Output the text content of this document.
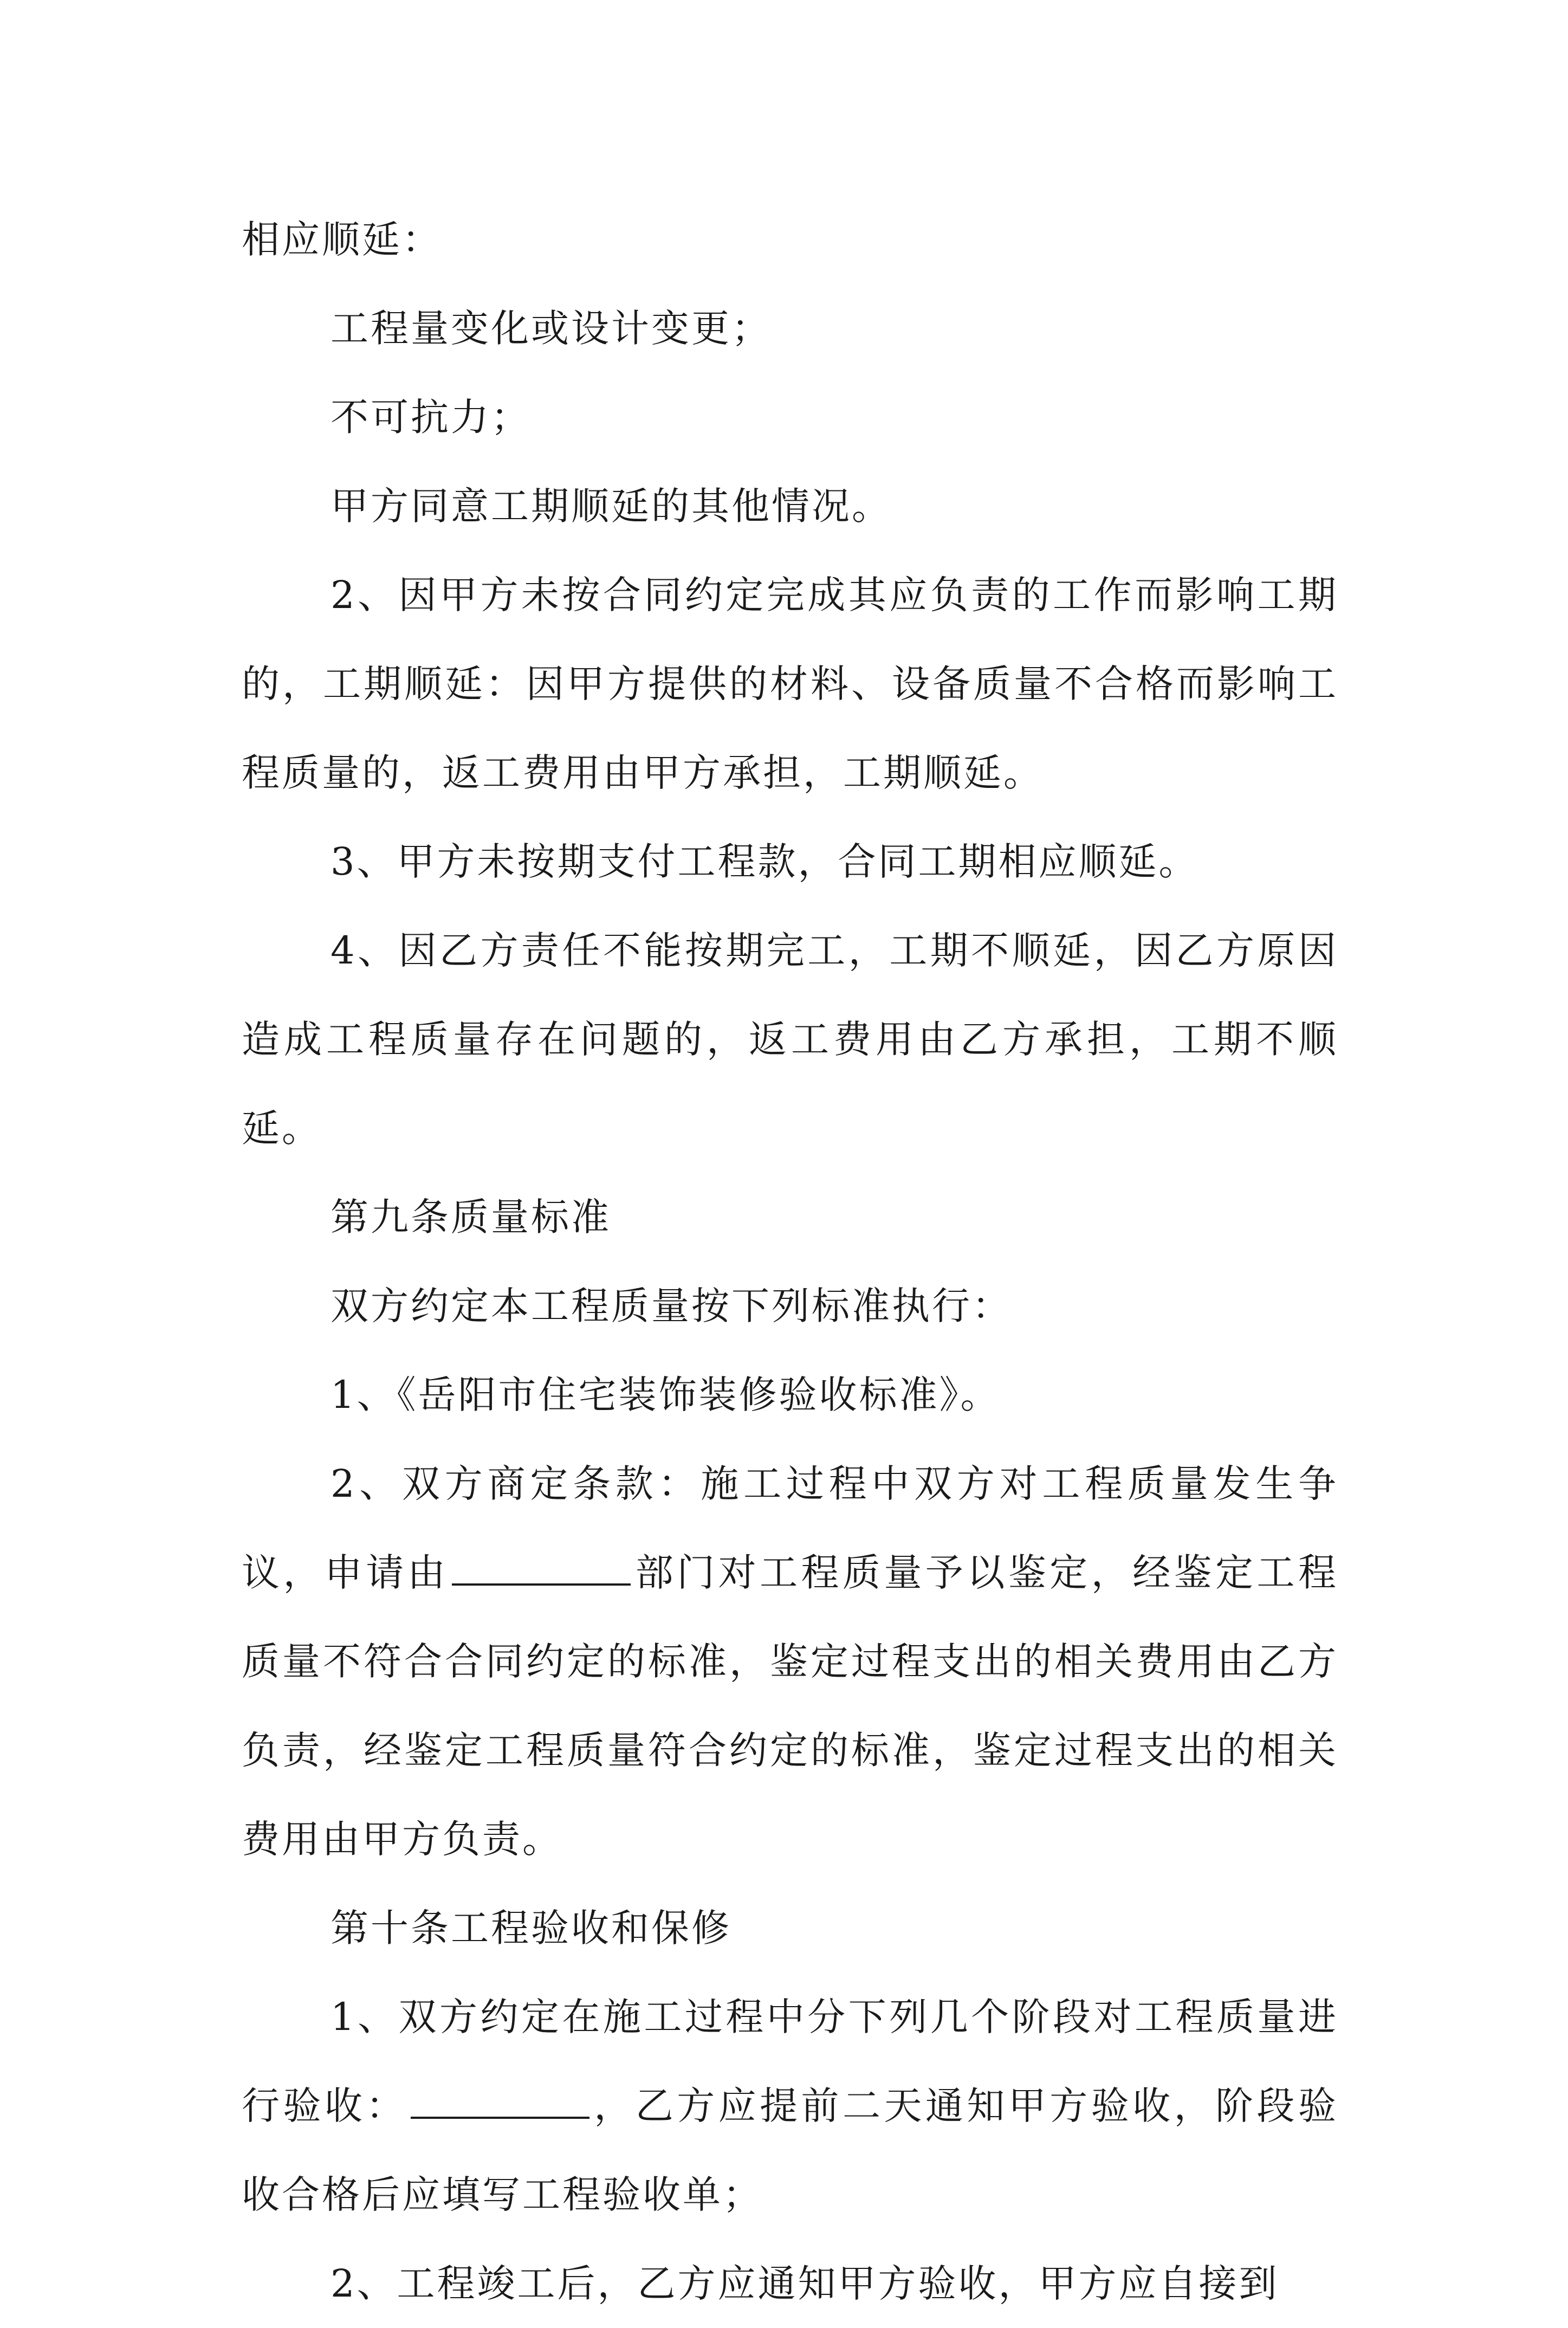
相应顺延：

工程量变化或设计变更；

不可抗力；

甲方同意工期顺延的其他情况。

2、因甲方未按合同约定完成其应负责的工作而影响工期的，工期顺延：因甲方提供的材料、设备质量不合格而影响工程质量的，返工费用由甲方承担，工期顺延。

3、甲方未按期支付工程款，合同工期相应顺延。

4、因乙方责任不能按期完工，工期不顺延，因乙方原因造成工程质量存在问题的，返工费用由乙方承担，工期不顺延。

第九条质量标准

双方约定本工程质量按下列标准执行：

1、《岳阳市住宅装饰装修验收标准》。

2、双方商定条款：施工过程中双方对工程质量发生争议，申请由	部门对工程质量予以鉴定，经鉴定工程质量不符合合同约定的标准，鉴定过程支出的相关费用由乙方负责，经鉴定工程质量符合约定的标准，鉴定过程支出的相关费用由甲方负责。

第十条工程验收和保修

1、双方约定在施工过程中分下列几个阶段对工程质量进行验收：	，乙方应提前二天通知甲方验收，阶段验收合格后应填写工程验收单；

2、工程竣工后，乙方应通知甲方验收，甲方应自接到
